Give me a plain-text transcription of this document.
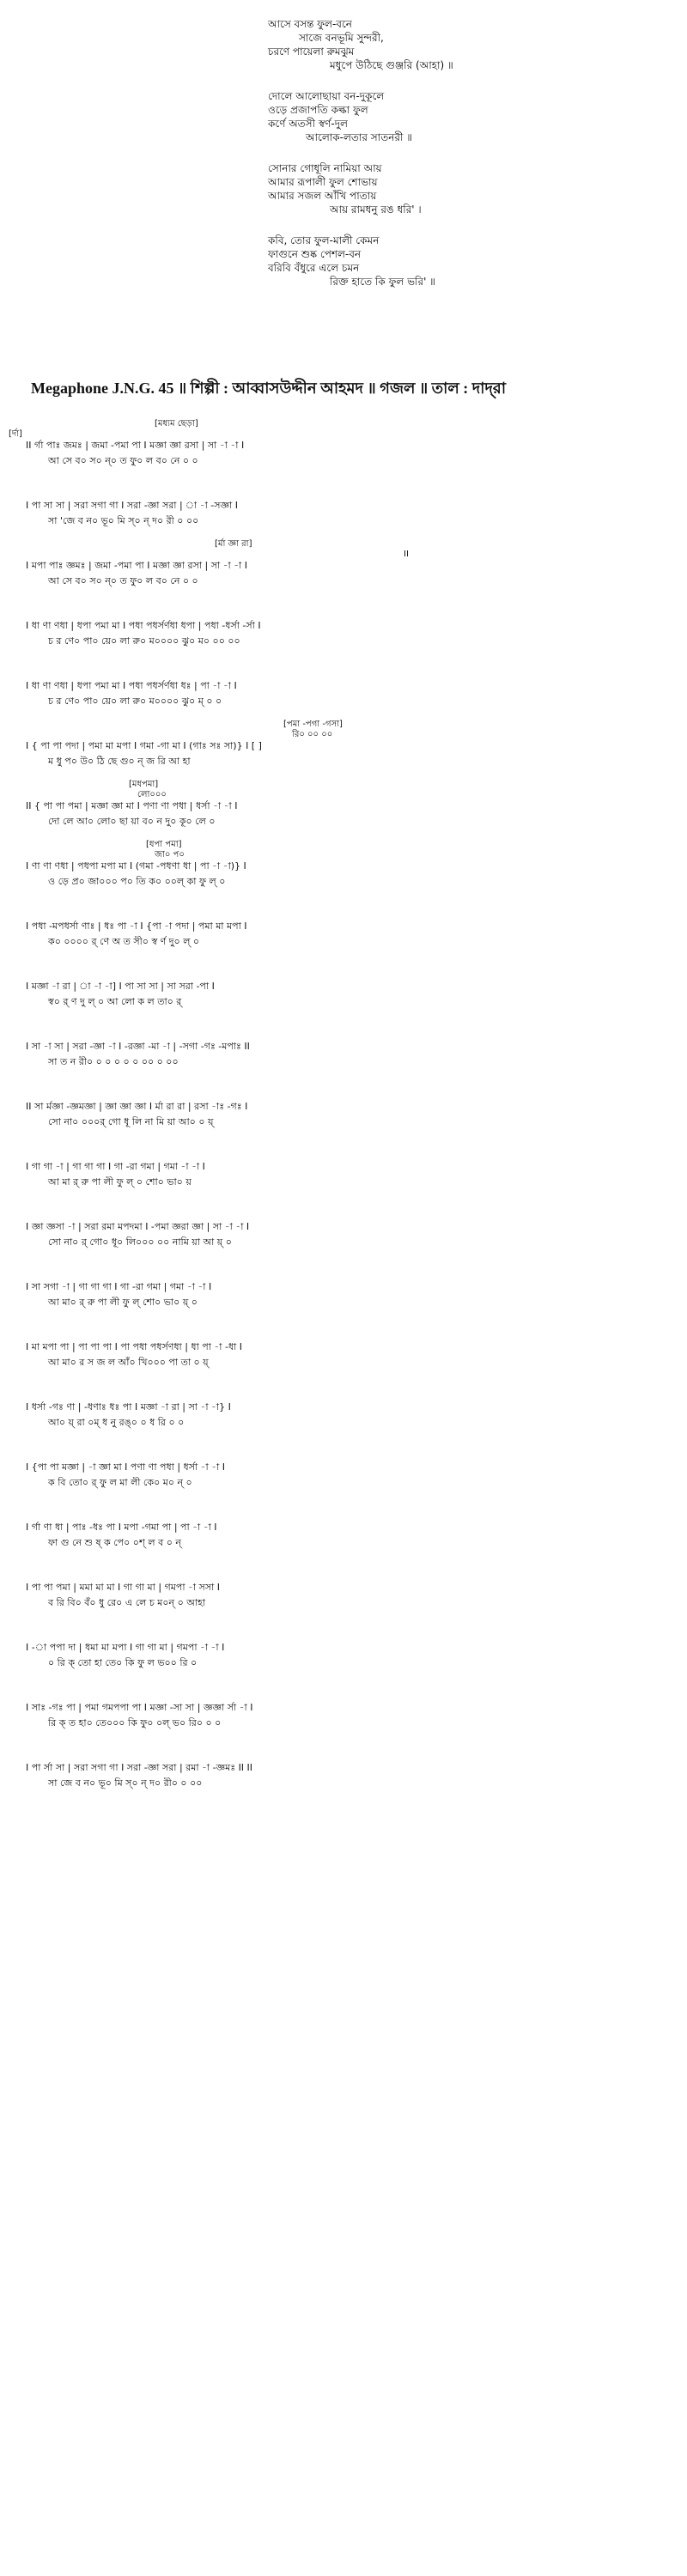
আসে বসন্ত ফুল-বনে
সাজে বনভূমি সুন্দরী,
চরণে পায়েলা রুমঝুম
মধুপে উঠিছে গুঞ্জরি (আহা) ॥
দোলে আলোছায়া বন-দুকূলে
ওড়ে প্রজাপতি কল্কা ফুল
কর্ণে অতসী স্বর্ণ-দুল
আলোক-লতার সাতনরী ॥
সোনার গোধূলি নামিয়া আয়
আমার রূপালী ফুল শোভায়
আমার সজল আঁখি পাতায়
আয় রামধনু রঙ ধরি' ।
কবি, তোর ফুল-মালী কেমন
ফাগুনে শুষ্ক পেশল-বন
বরিবি বঁধুরে এলে চমন
রিক্ত হাতে কি ফুল ভরি' ॥
Megaphone J.N.G. 45 ॥ শিল্পী : আব্বাসউদ্দীন আহমদ ॥ গজল ॥ তাল : দাদ্‌রা
[মধ্যম ছেড়া]
[র্দা]
II র্গা পাঃ জমঃ | জমা -পমা পা I মজ্ঞা জ্ঞা রসা | সা -া -া I
আ সে ব০ স০ ন্‌০ ত ফু০ ল ব০ নে ০ ০
I পা সা সা | সরা সগা গা I সরা -জ্ঞা সরা | া -া -সজ্ঞা I
সা 'জে ব ন০ ভূ০ মি স্‌০ ন্‌ দ০ রী ০ ০০
[র্মা জ্ঞা রা]
II
I মপা পাঃ জ্ঞমঃ | জমা -পমা পা I মজ্ঞা জ্ঞা রসা | সা -া -া I
আ সে ব০ স০ ন্‌০ ত ফু০ ল ব০ নে ০ ০
I ধা ণা ণধা | ধপা পমা মা I পধা পধর্সর্ণধা ধপা | পধা -ধর্সা -র্সা I
চ র ণে০ পা০ য়ে০ লা রু০ ম০০০০ ঝু০ ম০ ০০ ০০
I ধা ণা ণধা | ধপা পমা মা I পধা পধর্সর্ণধা ধঃ | পা -া -া I
চ র ণে০ পা০ য়ে০ লা রু০ ম০০০০ ঝু০ ম্‌ ০ ০
[পমা -পগা -গসা]
রি০ ০০ ০০
I { পা পা পদা | পমা মা মপা I গমা -গা মা I (গাঃ সঃ সা)} I [ ]
ম ধু প০ উ০ ঠি ছে গু০ ন্‌ জ রি আ হা
[মধপমা]
লো০০০
II { পা পা পমা | মজ্ঞা জ্ঞা মা I পণা ণা পধা | ধর্সা -া -া I
দো লে আ০ লো০ ছা য়া ব০ ন দু০ কূ০ লে ০
[ধপা পমা]
জা০ প০
I ণা ণা ণধা | পধপা মপা মা I (গমা -পধণা ধা | পা -া -া)} I
ও ড়ে প্র০ জা০০০ প০ তি ক০ ০০ল্‌ কা ফু ল্‌ ০
I পধা -মপধর্সা ণাঃ | ধঃ পা -া I {পা -া পদা | পমা মা মপা I
ক০ ০০০০ র্‌ ণে অ ত সী০ স্ব র্ণ দু০ ল্‌ ০
I মজ্ঞা -া রা | া -া -া] I পা সা সা | সা সরা -পা I
স্ব০ র্‌ ণ দু ল্‌ ০ আ লো ক ল তা০ র্‌
I সা -া সা | সরা -জ্ঞা -া I -রজ্ঞা -মা -া | -সগা -গঃ -মপাঃ II
সা ত ন রী০ ০ ০ ০ ০ ০ ০০ ০ ০০
II সা র্মজ্ঞা -জ্ঞমজ্ঞা | জ্ঞা জ্ঞা জ্ঞা I র্মা রা রা | রসা -াঃ -গঃ I
সো না০ ০০০র্‌ গো ধূ লি না মি য়া আ০ ০ য়্‌
I গা গা -া | গা গা গা I গা -রা গমা | গমা -া -া I
আ মা র্‌ রু পা লী ফু ল্‌ ০ শো০ ভা০ য়
I জ্ঞা জ্ঞসা -া | সরা রমা মপদমা I -পমা জ্ঞরা জ্ঞা | সা -া -া I
সো না০ র্‌ গো০ ধূ০ লি০০০ ০০ নামি য়া আ য়্‌ ০
I সা সগা -া | গা গা গা I গা -রা গমা | গমা -া -া I
আ মা০ র্‌ রু পা লী ফু ল্‌ শো০ ভা০ য়্‌ ০
I মা মপা পা | পা পা পা I পা পধা পধর্সণধা | ধা পা -া -ধা I
আ মা০ র স জ ল আঁ০ খি০০০ পা তা ০ য়্‌
I ধর্সা -গঃ ণা | -ধণাঃ ধঃ পা I মজ্ঞা -া রা | সা -া -া} I
আ০ য়্‌ রা ০ম্‌ ধ নু রঙ্‌০ ০ ধ রি ০ ০
I {পা পা মজ্ঞা | -া জ্ঞা মা I পণা ণা পধা | ধর্সা -া -া I
ক বি তো০ র্‌ ফু ল মা লী কে০ ম০ ন্‌ ০
I র্গা ণা ধা | পাঃ -ধঃ পা I মপা -গমা পা | পা -া -া I
ফা গু নে শু ষ্‌ ক পে০ ০শ্‌ ল ব ০ ন্‌
I পা পা পমা | মমা মা মা I গা গা মা | গমপা -া সসা I
ব রি বি০ বঁ০ ধু রে০ এ লে চ ম০ন্‌ ০ আহা
I -া পপা দা | ধমা মা মপা I গা গা মা | গমপা -া -া I
০ রি ক্‌ তো হা তে০ কি ফু ল ভ০০ রি ০
I সাঃ -গঃ পা | পমা গমপপা পা I মজ্ঞা -সা সা | জ্ঞজ্ঞা র্সা -া I
রি ক্‌ ত হা০ তে০০০ কি ফু০ ০ল্‌ ভ০ রি০ ০ ০
I পা র্সা সা | সরা সগা গা I সরা -জ্ঞা সরা | রমা -া -জ্ঞমঃ II II
সা জে ব ন০ ভূ০ মি স্‌০ ন্‌ দ০ রী০ ০ ০০
